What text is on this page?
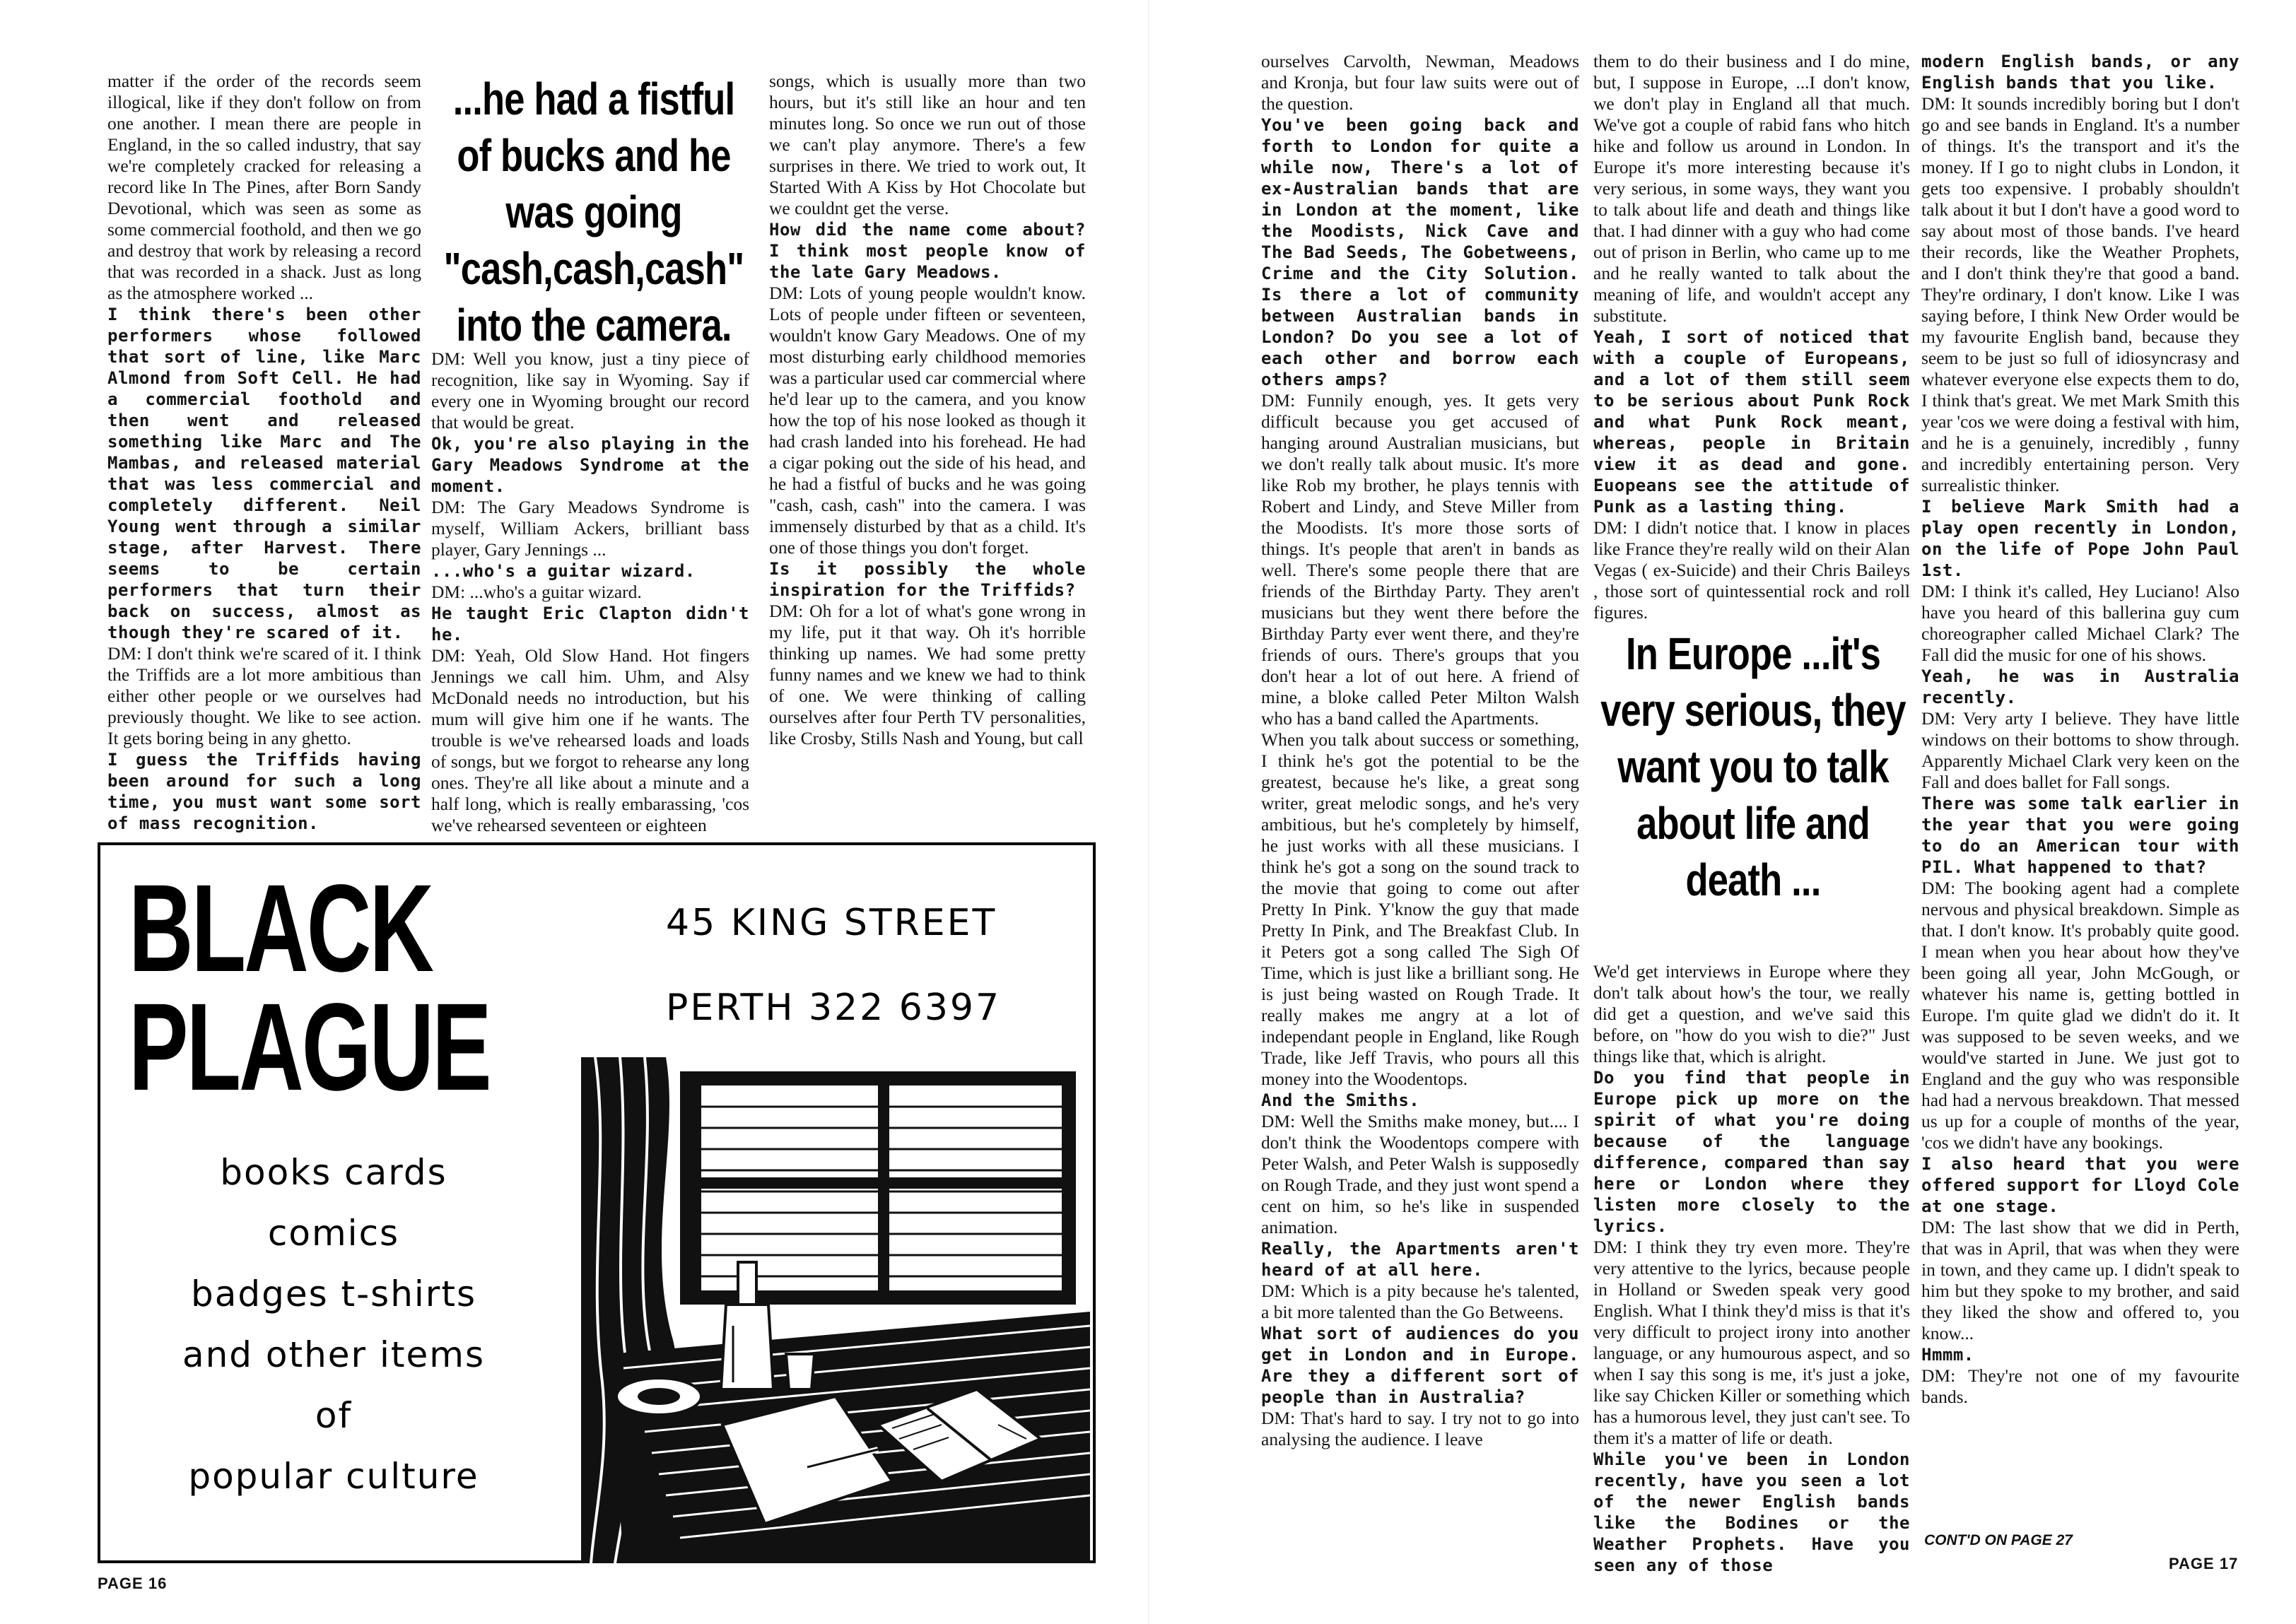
matter if the order of the records seem illogical, like if they don't follow on from one another. I mean there are people in England, in the so called industry, that say we're completely cracked for releasing a record like In The Pines, after Born Sandy Devotional, which was seen as some as some commercial foothold, and then we go and destroy that work by releasing a record that was recorded in a shack. Just as long as the atmosphere worked ...

I think there's been other performers whose followed that sort of line, like Marc Almond from Soft Cell. He had a commercial foothold and then went and released something like Marc and The Mambas, and released material that was less commercial and completely different. Neil Young went through a similar stage, after Harvest. There seems to be certain performers that turn their back on success, almost as though they're scared of it.

DM: I don't think we're scared of it. I think the Triffids are a lot more ambitious than either other people or we ourselves had previously thought. We like to see action. It gets boring being in any ghetto.

I guess the Triffids having been around for such a long time, you must want some sort of mass recognition.

...he had a fistful of bucks and he was going "cash,cash,cash" into the camera.

DM: Well you know, just a tiny piece of recognition, like say in Wyoming. Say if every one in Wyoming brought our record that would be great.

Ok, you're also playing in the Gary Meadows Syndrome at the moment.

DM: The Gary Meadows Syndrome is myself, William Ackers, brilliant bass player, Gary Jennings ...

...who's a guitar wizard.

DM: ...who's a guitar wizard.

He taught Eric Clapton didn't he.

DM: Yeah, Old Slow Hand. Hot fingers Jennings we call him. Uhm, and Alsy McDonald needs no introduction, but his mum will give him one if he wants. The trouble is we've rehearsed loads and loads of songs, but we forgot to rehearse any long ones. They're all like about a minute and a half long, which is really embarassing, 'cos we've rehearsed seventeen or eighteen

songs, which is usually more than two hours, but it's still like an hour and ten minutes long. So once we run out of those we can't play anymore. There's a few surprises in there. We tried to work out, It Started With A Kiss by Hot Chocolate but we couldnt get the verse.

How did the name come about? I think most people know of the late Gary Meadows.

DM: Lots of young people wouldn't know. Lots of people under fifteen or seventeen, wouldn't know Gary Meadows. One of my most disturbing early childhood memories was a particular used car commercial where he'd lear up to the camera, and you know how the top of his nose looked as though it had crash landed into his forehead. He had a cigar poking out the side of his head, and he had a fistful of bucks and he was going "cash, cash, cash" into the camera. I was immensely disturbed by that as a child. It's one of those things you don't forget.

Is it possibly the whole inspiration for the Triffids?

DM: Oh for a lot of what's gone wrong in my life, put it that way. Oh it's horrible thinking up names. We had some pretty funny names and we knew we had to think of one. We were thinking of calling ourselves after four Perth TV personalities, like Crosby, Stills Nash and Young, but call

BLACK
PLAGUE
45 KING STREET
PERTH 322 6397
books cards
comics
badges t-shirts
and other items
of
popular culture
PAGE 16

ourselves Carvolth, Newman, Meadows and Kronja, but four law suits were out of the question.

You've been going back and forth to London for quite a while now, There's a lot of ex-Australian bands that are in London at the moment, like the Moodists, Nick Cave and The Bad Seeds, The Gobetweens, Crime and the City Solution. Is there a lot of community between Australian bands in London? Do you see a lot of each other and borrow each others amps?

DM: Funnily enough, yes. It gets very difficult because you get accused of hanging around Australian musicians, but we don't really talk about music. It's more like Rob my brother, he plays tennis with Robert and Lindy, and Steve Miller from the Moodists. It's more those sorts of things. It's people that aren't in bands as well. There's some people there that are friends of the Birthday Party. They aren't musicians but they went there before the Birthday Party ever went there, and they're friends of ours. There's groups that you don't hear a lot of out here. A friend of mine, a bloke called Peter Milton Walsh who has a band called the Apartments.

When you talk about success or something, I think he's got the potential to be the greatest, because he's like, a great song writer, great melodic songs, and he's very ambitious, but he's completely by himself, he just works with all these musicians. I think he's got a song on the sound track to the movie that going to come out after Pretty In Pink. Y'know the guy that made Pretty In Pink, and The Breakfast Club. In it Peters got a song called The Sigh Of Time, which is just like a brilliant song. He is just being wasted on Rough Trade. It really makes me angry at a lot of independant people in England, like Rough Trade, like Jeff Travis, who pours all this money into the Woodentops.

And the Smiths.

DM: Well the Smiths make money, but.... I don't think the Woodentops compere with Peter Walsh, and Peter Walsh is supposedly on Rough Trade, and they just wont spend a cent on him, so he's like in suspended animation.

Really, the Apartments aren't heard of at all here.

DM: Which is a pity because he's talented, a bit more talented than the Go Betweens.

What sort of audiences do you get in London and in Europe. Are they a different sort of people than in Australia?

DM: That's hard to say. I try not to go into analysing the audience. I leave

them to do their business and I do mine, but, I suppose in Europe, ...I don't know, we don't play in England all that much. We've got a couple of rabid fans who hitch hike and follow us around in London. In Europe it's more interesting because it's very serious, in some ways, they want you to talk about life and death and things like that. I had dinner with a guy who had come out of prison in Berlin, who came up to me and he really wanted to talk about the meaning of life, and wouldn't accept any substitute.

Yeah, I sort of noticed that with a couple of Europeans, and a lot of them still seem to be serious about Punk Rock and what Punk Rock meant, whereas, people in Britain view it as dead and gone. Euopeans see the attitude of Punk as a lasting thing.

DM: I didn't notice that. I know in places like France they're really wild on their Alan Vegas ( ex-Suicide) and their Chris Baileys , those sort of quintessential rock and roll figures.

In Europe ...it's very serious, they want you to talk about life and death ...

We'd get interviews in Europe where they don't talk about how's the tour, we really did get a question, and we've said this before, on "how do you wish to die?" Just things like that, which is alright.

Do you find that people in Europe pick up more on the spirit of what you're doing because of the language difference, compared than say here or London where they listen more closely to the lyrics.

DM: I think they try even more. They're very attentive to the lyrics, because people in Holland or Sweden speak very good English. What I think they'd miss is that it's very difficult to project irony into another language, or any humourous aspect, and so when I say this song is me, it's just a joke, like say Chicken Killer or something which has a humorous level, they just can't see. To them it's a matter of life or death.

While you've been in London recently, have you seen a lot of the newer English bands like the Bodines or the Weather Prophets. Have you seen any of those

modern English bands, or any English bands that you like.

DM: It sounds incredibly boring but I don't go and see bands in England. It's a number of things. It's the transport and it's the money. If I go to night clubs in London, it gets too expensive. I probably shouldn't talk about it but I don't have a good word to say about most of those bands. I've heard their records, like the Weather Prophets, and I don't think they're that good a band. They're ordinary, I don't know. Like I was saying before, I think New Order would be my favourite English band, because they seem to be just so full of idiosyncrasy and whatever everyone else expects them to do, I think that's great. We met Mark Smith this year 'cos we were doing a festival with him, and he is a genuinely, incredibly , funny and incredibly entertaining person. Very surrealistic thinker.

I believe Mark Smith had a play open recently in London, on the life of Pope John Paul 1st.

DM: I think it's called, Hey Luciano! Also have you heard of this ballerina guy cum choreographer called Michael Clark? The Fall did the music for one of his shows.

Yeah, he was in Australia recently.

DM: Very arty I believe. They have little windows on their bottoms to show through. Apparently Michael Clark very keen on the Fall and does ballet for Fall songs.

There was some talk earlier in the year that you were going to do an American tour with PIL. What happened to that?

DM: The booking agent had a complete nervous and physical breakdown. Simple as that. I don't know. It's probably quite good. I mean when you hear about how they've been going all year, John McGough, or whatever his name is, getting bottled in Europe. I'm quite glad we didn't do it. It was supposed to be seven weeks, and we would've started in June. We just got to England and the guy who was responsible had had a nervous breakdown. That messed us up for a couple of months of the year, 'cos we didn't have any bookings.

I also heard that you were offered support for Lloyd Cole at one stage.

DM: The last show that we did in Perth, that was in April, that was when they were in town, and they came up. I didn't speak to him but they spoke to my brother, and said they liked the show and offered to, you know...

Hmmm.

DM: They're not one of my favourite bands.

CONT'D ON PAGE 27
PAGE 17
